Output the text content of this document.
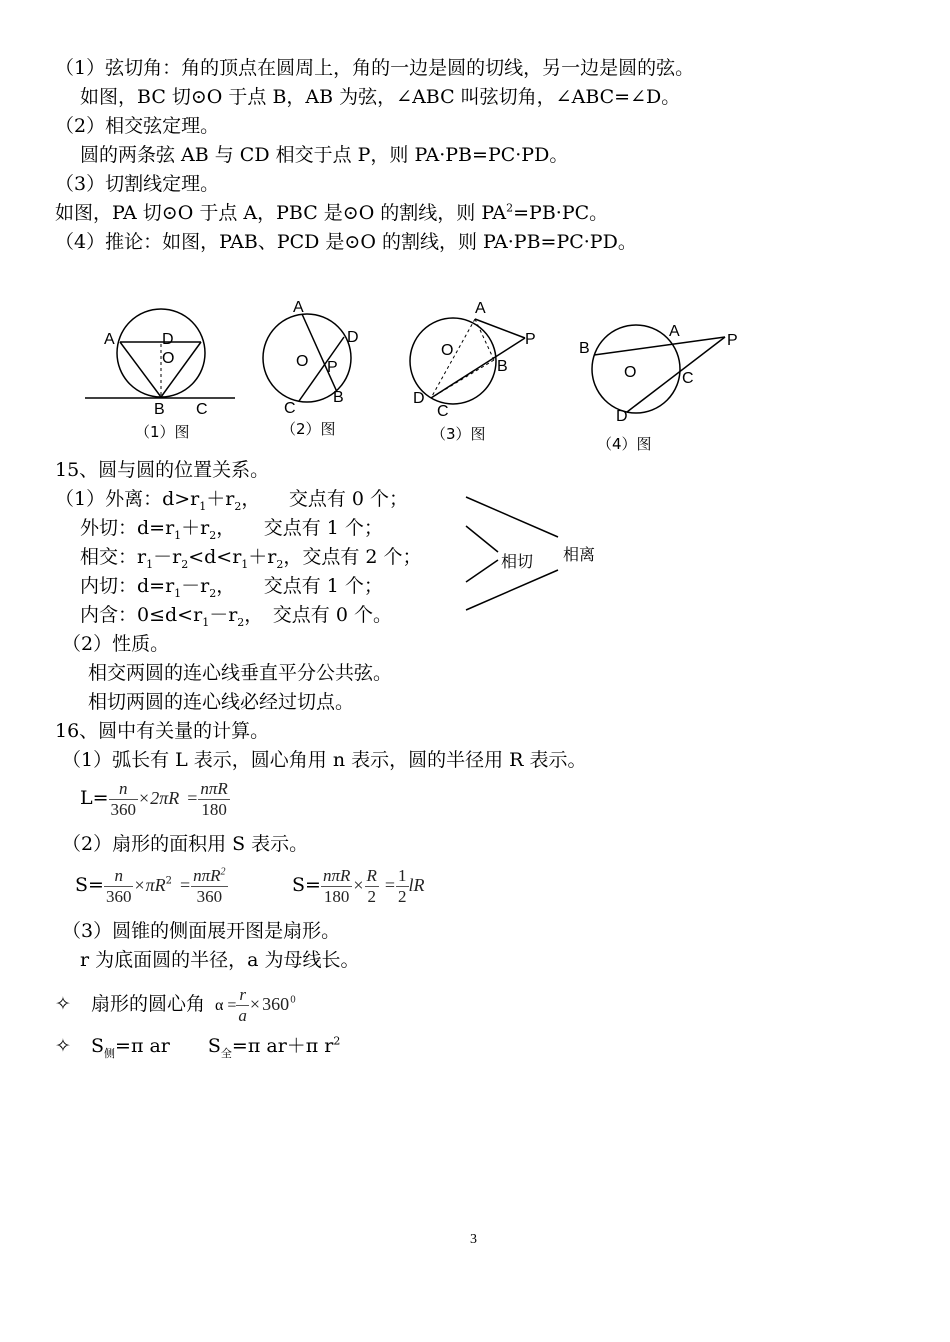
（1）弦切角：角的顶点在圆周上，角的一边是圆的切线，另一边是圆的弦。
如图，BC 切⊙O 于点 B，AB 为弦，∠ABC 叫弦切角，∠ABC=∠D。
（2）相交弦定理。
圆的两条弦 AB 与 CD 相交于点 P，则 PA·PB=PC·PD。
（3）切割线定理。
如图，PA 切⊙O 于点 A，PBC 是⊙O 的割线，则 $PA^2=PB\cdot PC$。
（4）推论：如图，PAB、PCD 是⊙O 的割线，则 PA·PB=PC·PD。
A	D
O
B C
（1）图
A
D
O P
C
B
（2）图
A
P
O
B
D
C
（3）图
B
A
P
O	C
D
（4）图
15、圆与圆的位置关系。
（1）外离：$d>r_1+r_2$，　　交点有 0 个；
外切：$d=r_1+r_2$，　　交点有 1 个；
相交：$r_1-r_2<d<r_1+r_2$，交点有 2 个；
内切：$d=r_1-r_2$，　　交点有 1 个；
内含：$0\le d<r_1-r_2$，　交点有 0 个。
相切 相离
（2）性质。
相交两圆的连心线垂直平分公共弦。
相切两圆的连心线必经过切点。
16、圆中有关量的计算。
（1）弧长有 L 表示，圆心角用 n 表示，圆的半径用 R 表示。
$L= \frac{n}{360} \times 2\pi R = \frac{\text{nπR}}{180}$
（2）扇形的面积用 S 表示。
$S= \frac{n}{360} \times\pi R^2 = \frac{n\pi R^2}{360}$	$S= \frac{\text{nπR}}{180} \times \frac{R}{2} = \frac{1}{2}$ lR
（3）圆锥的侧面展开图是扇形。
r 为底面圆的半径，a 为母线长。
✧ 扇形的圆心角 $\alpha = \frac{r}{a} \times 360^0$
✧ $S_侧=\pi$ ar $S_全=\pi$ ar＋π $r^2$
3
